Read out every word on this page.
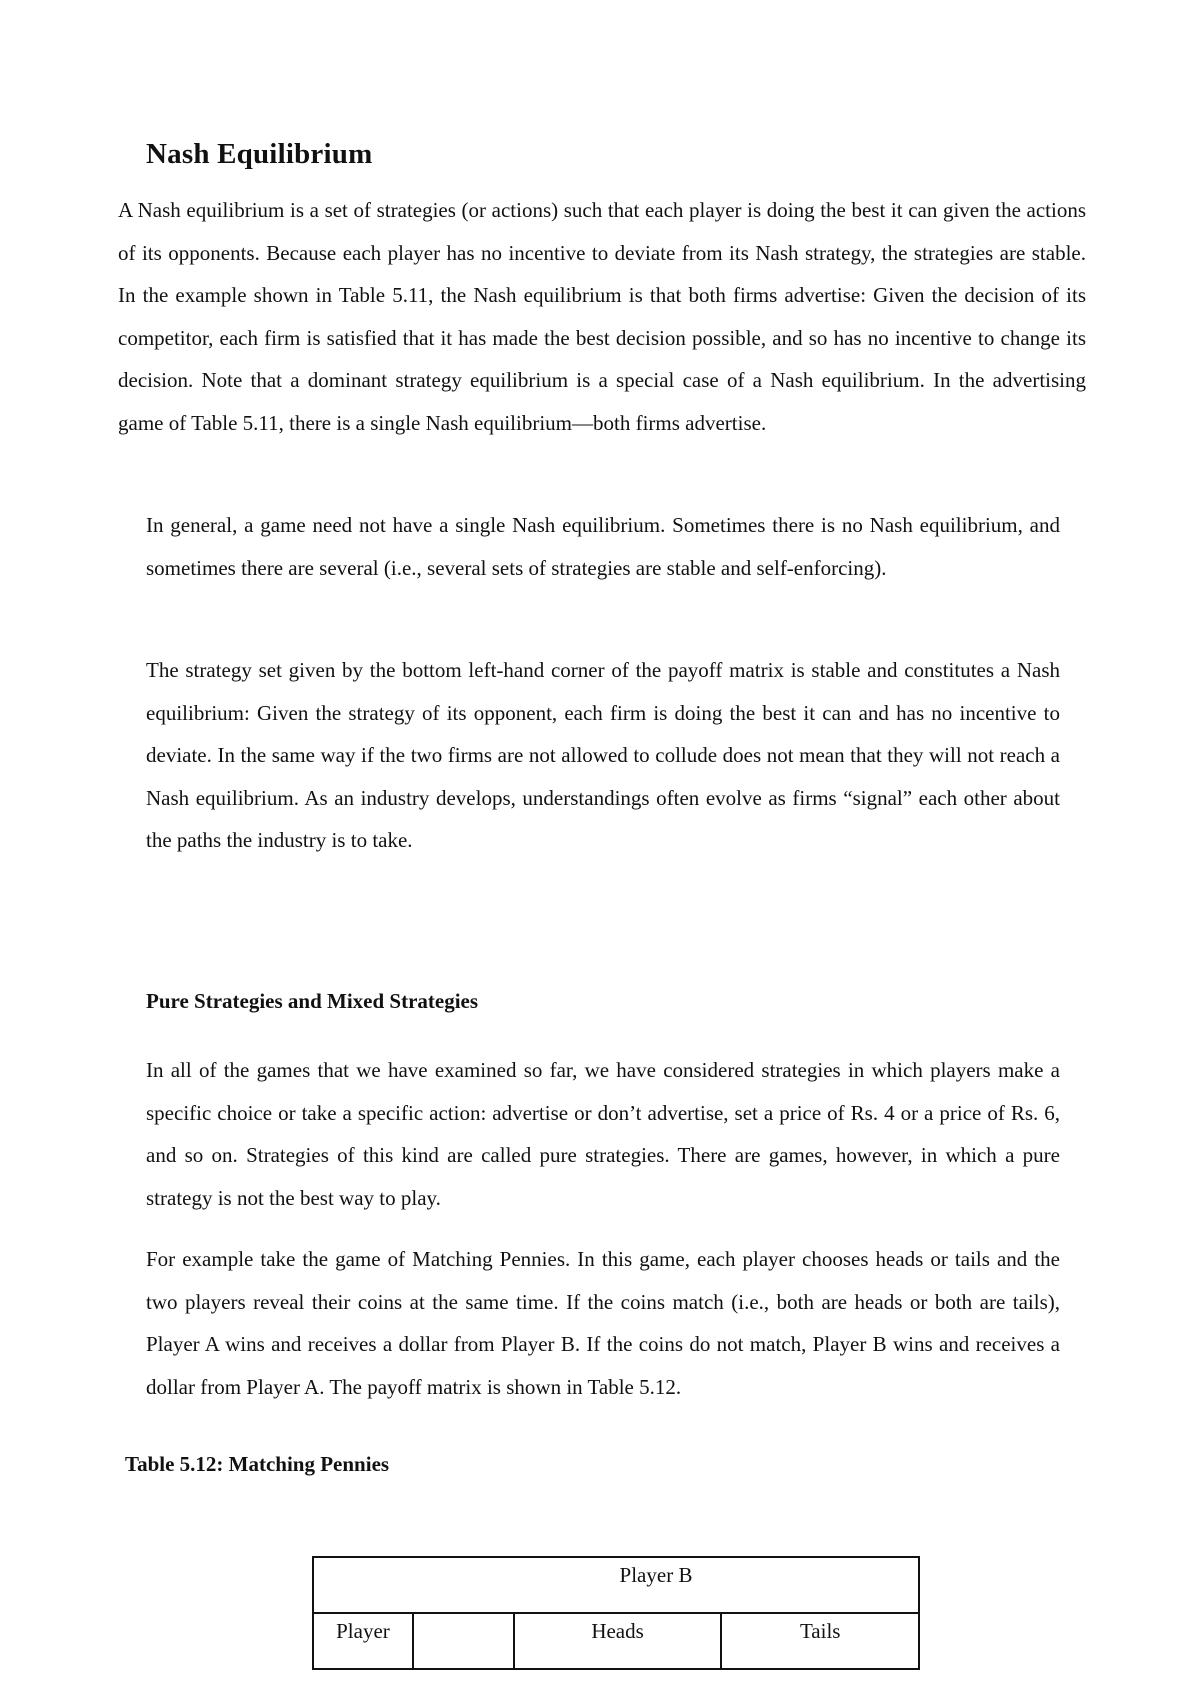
Nash Equilibrium

A Nash equilibrium is a set of strategies (or actions) such that each player is doing the best it can given the actions of its opponents. Because each player has no incentive to deviate from its Nash strategy, the strategies are stable. In the example shown in Table 5.11, the Nash equilibrium is that both firms advertise: Given the decision of its competitor, each firm is satisfied that it has made the best decision possible, and so has no incentive to change its decision. Note that a dominant strategy equilibrium is a special case of a Nash equilibrium. In the advertising game of Table 5.11, there is a single Nash equilibrium—both firms advertise.

In general, a game need not have a single Nash equilibrium. Sometimes there is no Nash equilibrium, and sometimes there are several (i.e., several sets of strategies are stable and self-enforcing).

The strategy set given by the bottom left-hand corner of the payoff matrix is stable and constitutes a Nash equilibrium: Given the strategy of its opponent, each firm is doing the best it can and has no incentive to deviate. In the same way if the two firms are not allowed to collude does not mean that they will not reach a Nash equilibrium. As an industry develops, understandings often evolve as firms “signal” each other about the paths the industry is to take.

Pure Strategies and Mixed Strategies

In all of the games that we have examined so far, we have considered strategies in which players make a specific choice or take a specific action: advertise or don’t advertise, set a price of Rs. 4 or a price of Rs. 6, and so on. Strategies of this kind are called pure strategies. There are games, however, in which a pure strategy is not the best way to play.

For example take the game of Matching Pennies. In this game, each player chooses heads or tails and the two players reveal their coins at the same time. If the coins match (i.e., both are heads or both are tails), Player A wins and receives a dollar from Player B. If the coins do not match, Player B wins and receives a dollar from Player A. The payoff matrix is shown in Table 5.12.

Table 5.12: Matching Pennies

Player B
Player		Heads	Tails
